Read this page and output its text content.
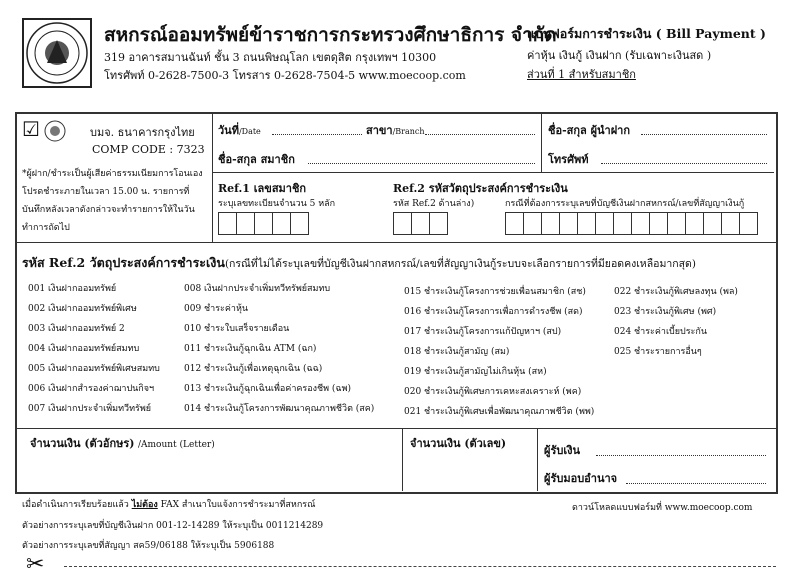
สหกรณ์ออมทรัพย์ข้าราชการกระทรวงศึกษาธิการ จำกัด
319 อาคารสมานฉันท์ ชั้น 3 ถนนพิษณุโลก เขตดุสิต กรุงเทพฯ 10300
โทรศัพท์ 0-2628-7500-3 โทรสาร 0-2628-7504-5 www.moecoop.com
แบบฟอร์มการชำระเงิน ( Bill Payment )
ค่าหุ้น เงินกู้ เงินฝาก (รับเฉพาะเงินสด )
ส่วนที่ 1 สำหรับสมาชิก
☑	บมจ. ธนาคารกรุงไทย
COMP CODE : 7323
วันที่/Date	สาขา/Branch	ชื่อ-สกุล ผู้นำฝาก
ชื่อ-สกุล สมาชิก	โทรศัพท์
*ผู้ฝาก/ชำระเป็นผู้เสียค่าธรรมเนียมการโอนเอง โปรดชำระภายในเวลา 15.00 น. รายการที่บันทึกหลังเวลาดังกล่าวจะทำรายการให้ในวันทำการถัดไป
Ref.1 เลขสมาชิก
ระบุเลขทะเบียนจำนวน 5 หลัก
Ref.2 รหัสวัตถุประสงค์การชำระเงิน
รหัส Ref.2 ด้านล่าง)	กรณีที่ต้องการระบุเลขที่บัญชีเงินฝากสหกรณ์/เลขที่สัญญาเงินกู้
รหัส Ref.2 วัตถุประสงค์การชำระเงิน(กรณีที่ไม่ได้ระบุเลขที่บัญชีเงินฝากสหกรณ์/เลขที่สัญญาเงินกู้ระบบจะเลือกรายการที่มียอดคงเหลือมากสุด)
001 เงินฝากออมทรัพย์
002 เงินฝากออมทรัพย์พิเศษ
003 เงินฝากออมทรัพย์ 2
004 เงินฝากออมทรัพย์สมทบ
005 เงินฝากออมทรัพย์พิเศษสมทบ
006 เงินฝากสำรองค่าฌาปนกิจฯ
007 เงินฝากประจำเพิ่มทวีทรัพย์
008 เงินฝากประจำเพิ่มทวีทรัพย์สมทบ
009 ชำระค่าหุ้น
010 ชำระใบเสร็จรายเดือน
011 ชำระเงินกู้ฉุกเฉิน ATM (ฉก)
012 ชำระเงินกู้เพื่อเหตุฉุกเฉิน (ฉฉ)
013 ชำระเงินกู้ฉุกเฉินเพื่อค่าครองชีพ (ฉพ)
014 ชำระเงินกู้โครงการพัฒนาคุณภาพชีวิต (สค)
015 ชำระเงินกู้โครงการช่วยเพื่อนสมาชิก (สช)
016 ชำระเงินกู้โครงการเพื่อการดำรงชีพ (สด)
017 ชำระเงินกู้โครงการแก้ปัญหาฯ (สป)
018 ชำระเงินกู้สามัญ (สม)
019 ชำระเงินกู้สามัญไม่เกินหุ้น (สห)
020 ชำระเงินกู้พิเศษการเคหะสงเคราะห์ (พค)
021 ชำระเงินกู้พิเศษเพื่อพัฒนาคุณภาพชีวิต (พพ)
022 ชำระเงินกู้พิเศษลงทุน (พล)
023 ชำระเงินกู้พิเศษ (พศ)
024 ชำระค่าเบี้ยประกัน
025 ชำระรายการอื่นๆ
จำนวนเงิน (ตัวอักษร) /Amount (Letter)	จำนวนเงิน (ตัวเลข)
ผู้รับเงิน
ผู้รับมอบอำนาจ
เมื่อดำเนินการเรียบร้อยแล้ว ไม่ต้อง FAX สำเนาใบแจ้งการชำระมาที่สหกรณ์	ดาวน์โหลดแบบฟอร์มที่ www.moecoop.com
ตัวอย่างการระบุเลขที่บัญชีเงินฝาก 001-12-14289 ให้ระบุเป็น 0011214289
ตัวอย่างการระบุเลขที่สัญญา สค59/06188 ให้ระบุเป็น 5906188
✂
